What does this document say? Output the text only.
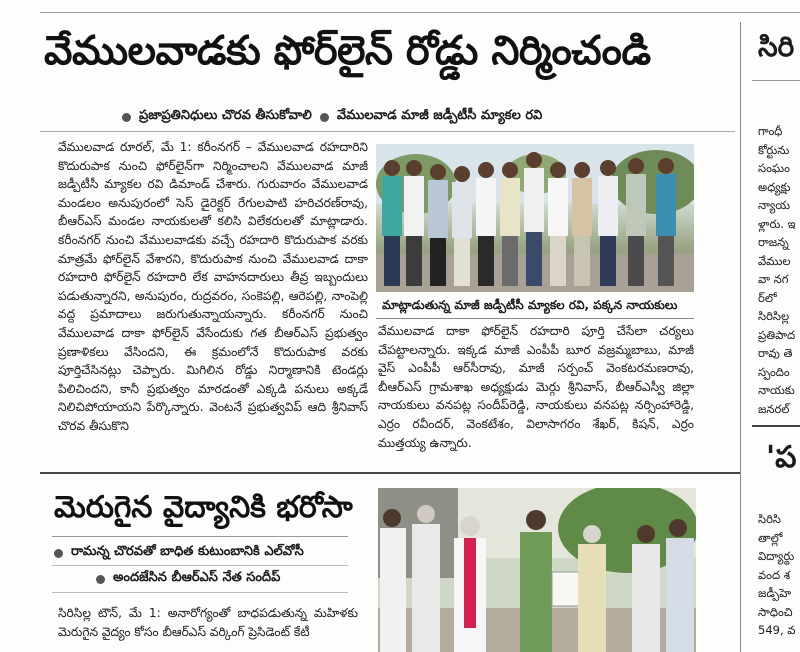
వేములవాడకు ఫోర్‌లైన్ రోడ్డు నిర్మించండి
ప్రజాప్రతినిధులు చొరవ తీసుకోవాలి వేములవాడ మాజీ జడ్పీటీసీ మ్యాకల రవి

వేములవాడ రూరల్, మే 1: కరీంనగర్ – వేములవాడ రహదారిని కొదురుపాక నుంచి ఫోర్‌లైన్‌గా నిర్మించాలని వేములవాడ మాజీ జడ్పీటీసీ మ్యాకల రవి డిమాండ్ చేశారు. గురువారం వేములవాడ మండలం అనుపురంలో సెస్ డైరెక్టర్ రేగులపాటి హరిచరణ్‌రావు, బీఆర్ఎస్ మండల నాయకులతో కలిసి విలేకరులతో మాట్లాడారు. కరీంనగర్ నుంచి వేములవాడకు వచ్చే రహదారి కొదురుపాక వరకు మాత్రమే ఫోర్‌లైన్ వేశారని, కొదురుపాక నుంచి వేములవాడ దాకా రహదారి ఫోర్‌లైన్ రహదారి లేక వాహనదారులు తీవ్ర ఇబ్బందులు పడుతున్నారని, అనుపురం, రుద్రవరం, సంకెపల్లి, ఆరెపల్లి, నాంపెల్లి వద్ద ప్రమాదాలు జరుగుతున్నాయన్నారు. కరీంనగర్ నుంచి వేములవాడ దాకా ఫోర్‌లైన్ వేసేందుకు గత బీఆర్ఎస్ ప్రభుత్వం ప్రణాళికలు వేసిందని, ఈ క్రమంలోనే కొదురుపాక వరకు పూర్తిచేసినట్లు చెప్పారు. మిగిలిన రోడ్డు నిర్మాణానికి టెండర్లు పిలిచిందని, కానీ ప్రభుత్వం మారడంతో ఎక్కడి పనులు అక్కడే నిలిచిపోయాయని పేర్కొన్నారు. వెంటనే ప్రభుత్వవిప్ ఆది శ్రీనివాస్ చొరవ తీసుకొని

మాట్లాడుతున్న మాజీ జడ్పీటీసీ మ్యాకల రవి, పక్కన నాయకులు

వేములవాడ దాకా ఫోర్‌లైన్ రహదారి పూర్తి చేసేలా చర్యలు చేపట్టాలన్నారు. ఇక్కడ మాజీ ఎంపీపీ బూర వజ్రమ్మబాబు, మాజీ వైస్ ఎంపీపీ ఆర్‌సీరావు, మాజీ సర్పంచ్ వెంకటరమణరావు, బీఆర్ఎస్ గ్రామశాఖ అధ్యక్షుడు మెర్గు శ్రీనివాస్, బీఆర్ఎస్వీ జిల్లా నాయకులు వనపట్ల సందీప్‌రెడ్డి, నాయకులు వనపట్ల నర్సింహారెడ్డి, ఎర్రం రవీందర్, వెంకటేశం, విలాసాగరం శేఖర్, కిషన్, ఎర్రం ముత్తయ్య ఉన్నారు.

మెరుగైన వైద్యానికి భరోసా
రామన్న చొరవతో బాధిత కుటుంబానికి ఎల్‌వోసీ
అందజేసిన బీఆర్ఎస్ నేత సందీప్

సిరిసిల్ల టౌన్, మే 1: అనారోగ్యంతో బాధపడుతున్న మహిళకు మెరుగైన వైద్యం కోసం బీఆర్ఎస్ వర్కింగ్ ప్రెసిడెంట్ కేటీ

సిరి
గాంధీ కోర్టును సంఘం అధ్యక్షు న్యాయ ళ్లారు. ఇ రాజన్న వేములవా నగర్‌లో సిరిసిల్ల ప్రతిపాద రావు తె స్పందిం నాయకు జనరల్
'ప
సిరిసి తాల్లో విద్యార్థు వంద శ జడ్పీహె సాధించి 549, వ
